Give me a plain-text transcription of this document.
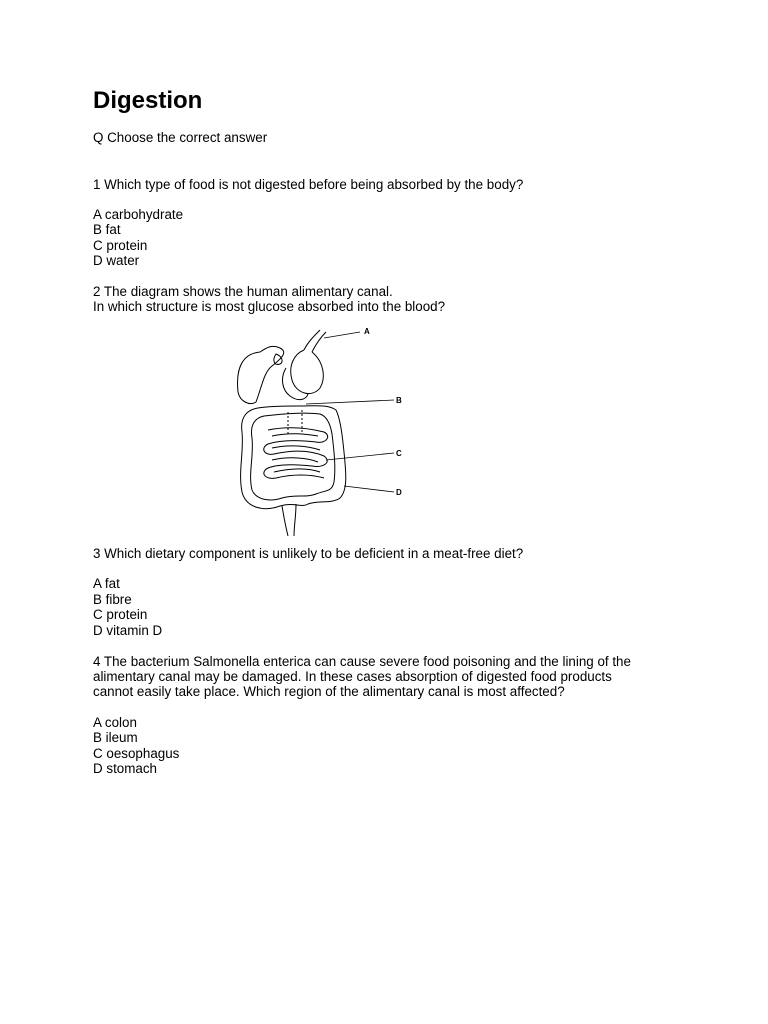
Digestion
Q Choose the correct answer
1 Which type of food is not digested before being absorbed by the body?
A carbohydrate
B fat
C protein
D water
2 The diagram shows the human alimentary canal.
In which structure is most glucose absorbed into the blood?
A
B
C
D
3 Which dietary component is unlikely to be deficient in a meat-free diet?
A fat
B fibre
C protein
D vitamin D
4 The bacterium Salmonella enterica can cause severe food poisoning and the lining of the
alimentary canal may be damaged. In these cases absorption of digested food products
cannot easily take place. Which region of the alimentary canal is most affected?
A colon
B ileum
C oesophagus
D stomach
